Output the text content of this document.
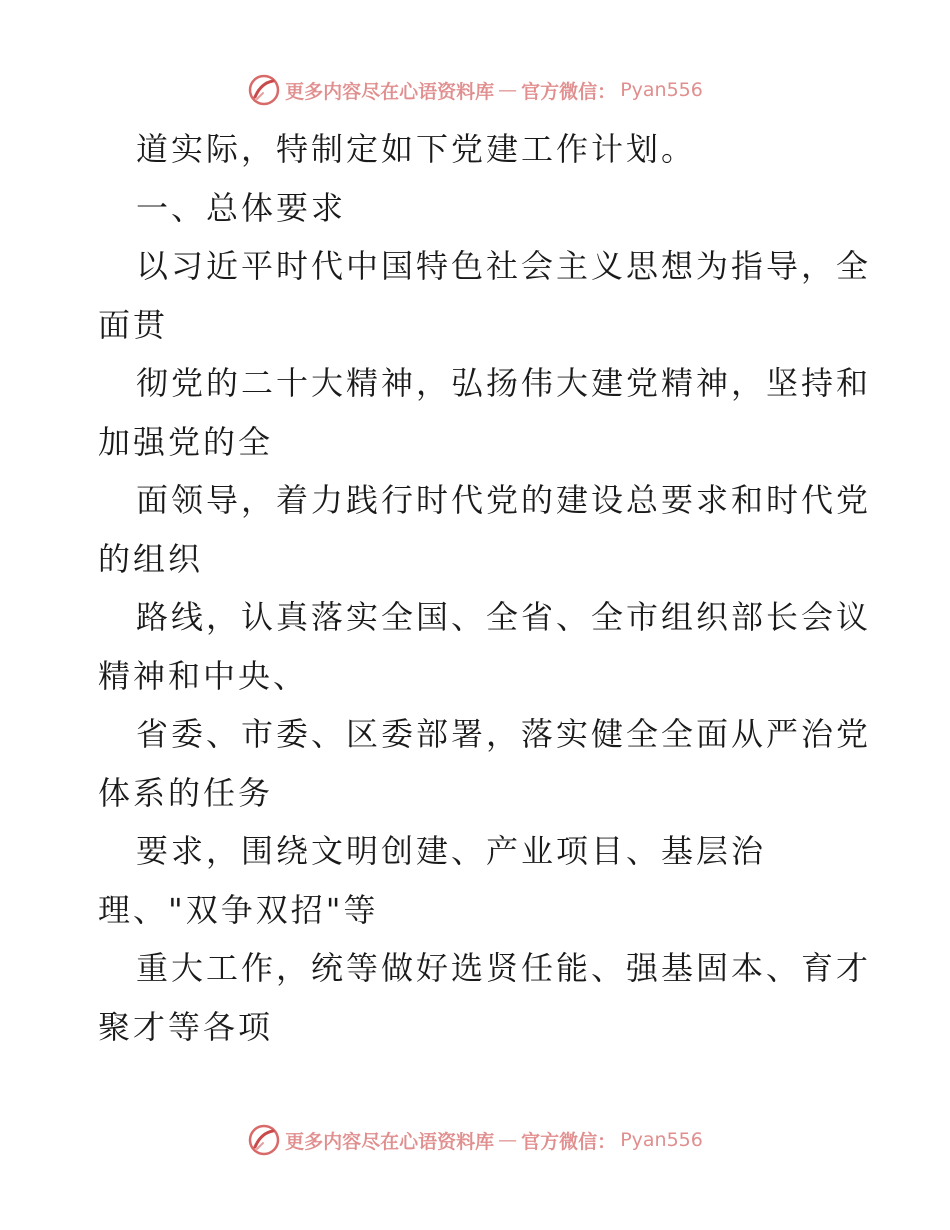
更多内容尽在心语资料库 — 官方微信： Pyan556
道实际，特制定如下党建工作计划。
一、总体要求
以习近平时代中国特色社会主义思想为指导，全
面贯
彻党的二十大精神，弘扬伟大建党精神，坚持和
加强党的全
面领导，着力践行时代党的建设总要求和时代党
的组织
路线，认真落实全国、全省、全市组织部长会议
精神和中央、
省委、市委、区委部署，落实健全全面从严治党
体系的任务
要求，围绕文明创建、产业项目、基层治
理、"双争双招"等
重大工作，统等做好选贤任能、强基固本、育才
聚才等各项
更多内容尽在心语资料库 — 官方微信： Pyan556
